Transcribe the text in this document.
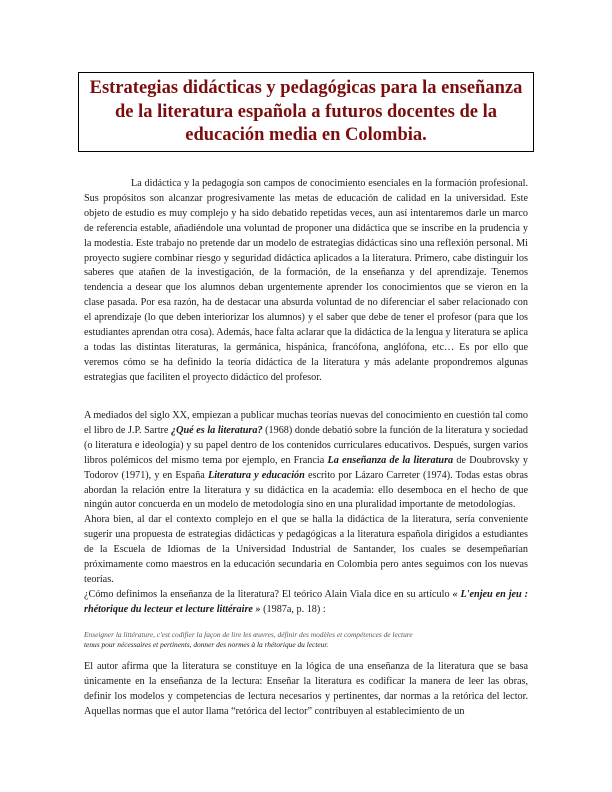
Estrategias didácticas y pedagógicas para la enseñanza de la literatura española a futuros docentes de la educación media en Colombia.

La didáctica y la pedagogía son campos de conocimiento esenciales en la formación profesional. Sus propósitos son alcanzar progresivamente las metas de educación de calidad en la universidad. Este objeto de estudio es muy complejo y ha sido debatido repetidas veces, aun así intentaremos darle un marco de referencia estable, añadiéndole una voluntad de proponer una didáctica que se inscribe en la prudencia y la modestia. Este trabajo no pretende dar un modelo de estrategias didácticas sino una reflexión personal. Mi proyecto sugiere combinar riesgo y seguridad didáctica aplicados a la literatura. Primero, cabe distinguir los saberes que atañen de la investigación, de la formación, de la enseñanza y del aprendizaje. Tenemos tendencia a desear que los alumnos deban urgentemente aprender los conocimientos que se vieron en la clase pasada. Por esa razón, ha de destacar una absurda voluntad de no diferenciar el saber relacionado con el aprendizaje (lo que deben interiorizar los alumnos) y el saber que debe de tener el profesor (para que los estudiantes aprendan otra cosa). Además, hace falta aclarar que la didáctica de la lengua y literatura se aplica a todas las distintas literaturas, la germánica, hispánica, francófona, anglófona, etc… Es por ello que veremos cómo se ha definido la teoría didáctica de la literatura y más adelante propondremos algunas estrategias que faciliten el proyecto didáctico del profesor.

A mediados del siglo XX, empiezan a publicar muchas teorías nuevas del conocimiento en cuestión tal como el libro de J.P. Sartre ¿Qué es la literatura? (1968) donde debatió sobre la función de la literatura y sociedad (o literatura e ideología) y su papel dentro de los contenidos curriculares educativos. Después, surgen varios libros polémicos del mismo tema por ejemplo, en Francia La enseñanza de la literatura de Doubrovsky y Todorov (1971), y en España Literatura y educación escrito por Lázaro Carreter (1974). Todas estas obras abordan la relación entre la literatura y su didáctica en la academia: ello desemboca en el hecho de que ningún autor concuerda en un modelo de metodología sino en una pluralidad importante de metodologías.

Ahora bien, al dar el contexto complejo en el que se halla la didáctica de la literatura, sería conveniente sugerir una propuesta de estrategias didácticas y pedagógicas a la literatura española dirigidos a estudiantes de la Escuela de Idiomas de la Universidad Industrial de Santander, los cuales se desempeñarían próximamente como maestros en la educación secundaria en Colombia pero antes seguimos con los nuevas teorías.

¿Cómo definimos la enseñanza de la literatura? El teórico Alain Viala dice en su artículo « L'enjeu en jeu : rhétorique du lecteur et lecture littéraire » (1987a, p. 18) :

Enseigner la littérature, c'est codifier la façon de lire les œuvres, définir des modèles et compétences de lecture
tenus pour nécessaires et pertinents, donner des normes à la rhétorique du lecteur.

El autor afirma que la literatura se constituye en la lógica de una enseñanza de la literatura que se basa únicamente en la enseñanza de la lectura: Enseñar la literatura es codificar la manera de leer las obras, definir los modelos y competencias de lectura necesarios y pertinentes, dar normas a la retórica del lector. Aquellas normas que el autor llama “retórica del lector” contribuyen al establecimiento de un
